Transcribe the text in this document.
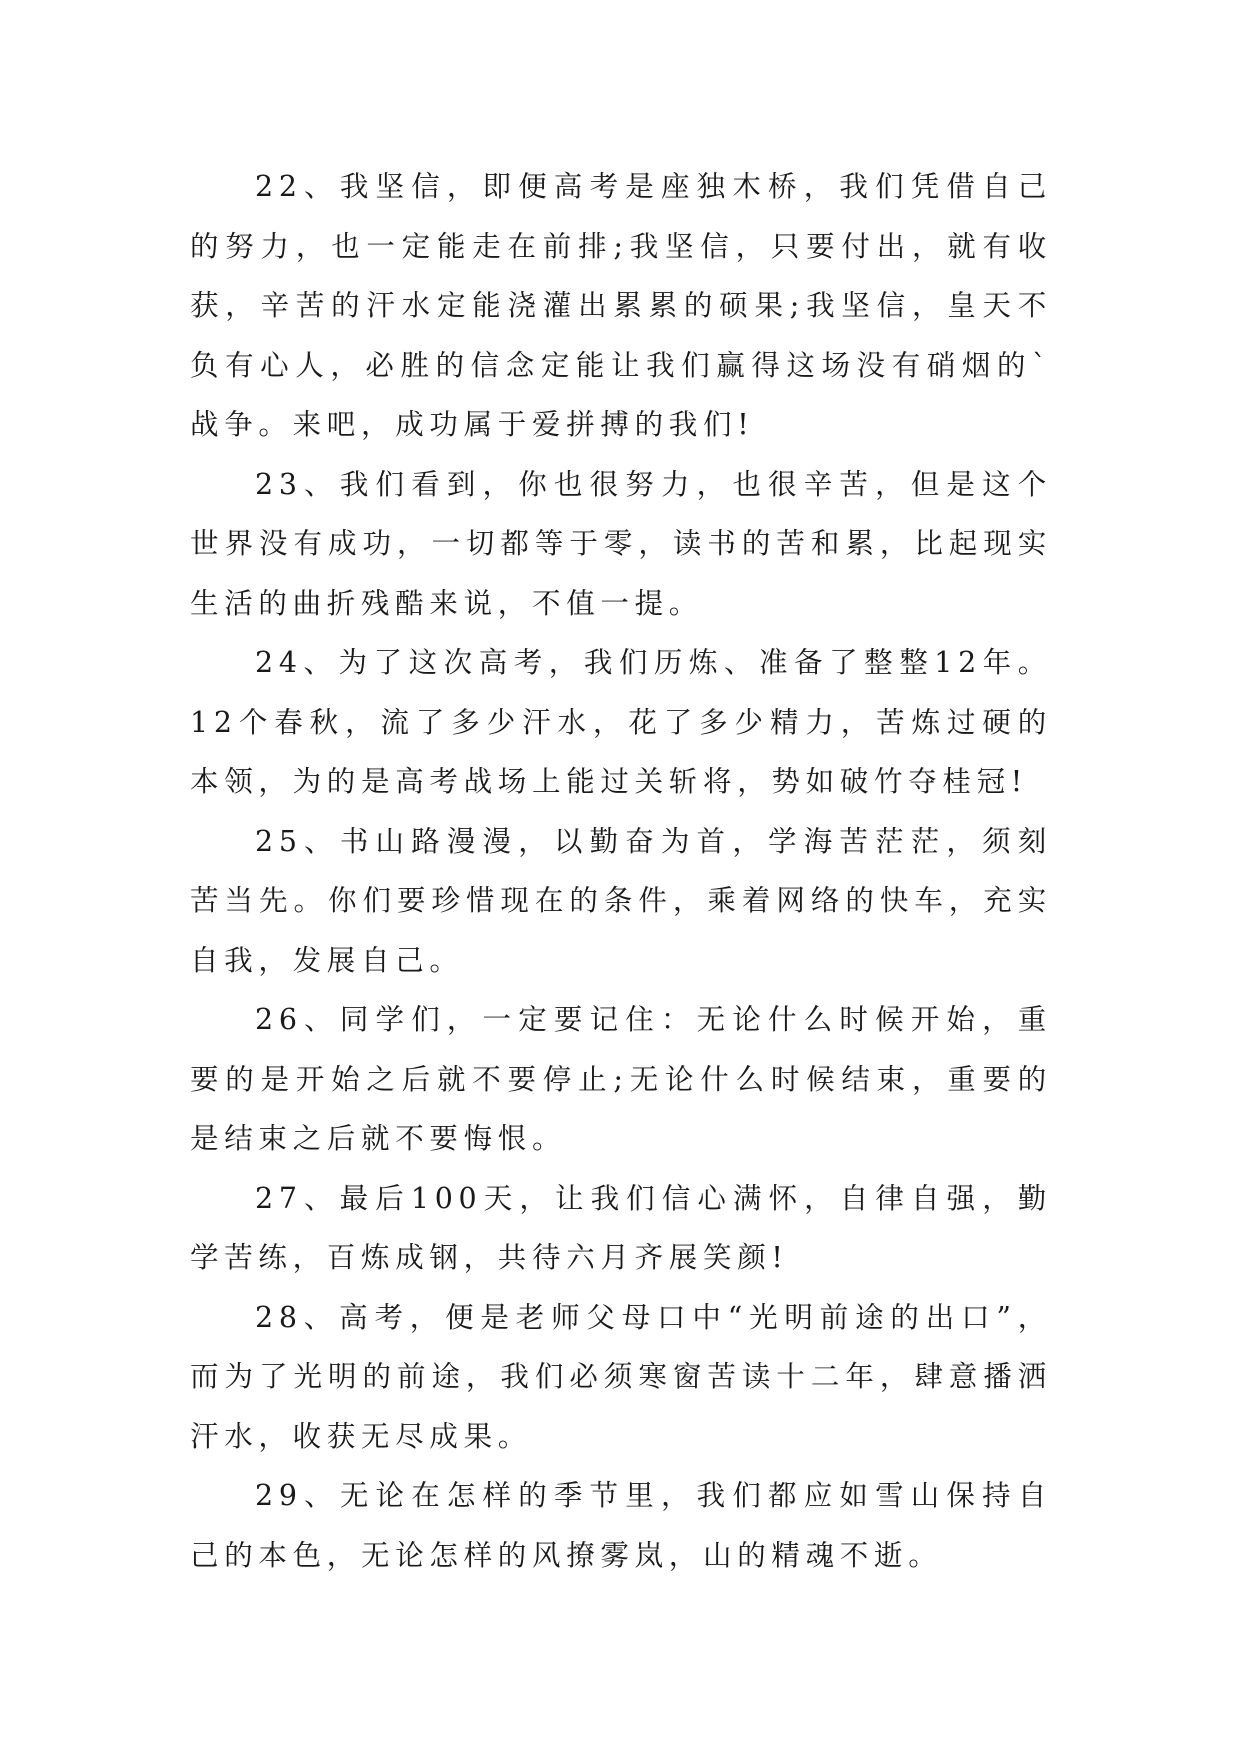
22、我坚信，即便高考是座独木桥，我们凭借自己的努力，也一定能走在前排;我坚信，只要付出，就有收获，辛苦的汗水定能浇灌出累累的硕果;我坚信，皇天不负有心人，必胜的信念定能让我们赢得这场没有硝烟的`战争。来吧，成功属于爱拼搏的我们!

23、我们看到，你也很努力，也很辛苦，但是这个世界没有成功，一切都等于零，读书的苦和累，比起现实生活的曲折残酷来说，不值一提。

24、为了这次高考，我们历炼、准备了整整12年。12个春秋，流了多少汗水，花了多少精力，苦炼过硬的本领，为的是高考战场上能过关斩将，势如破竹夺桂冠!

25、书山路漫漫，以勤奋为首，学海苦茫茫，须刻苦当先。你们要珍惜现在的条件，乘着网络的快车，充实自我，发展自己。

26、同学们，一定要记住：无论什么时候开始，重要的是开始之后就不要停止;无论什么时候结束，重要的是结束之后就不要悔恨。

27、最后100天，让我们信心满怀，自律自强，勤学苦练，百炼成钢，共待六月齐展笑颜!

28、高考，便是老师父母口中“光明前途的出口”，而为了光明的前途，我们必须寒窗苦读十二年，肆意播洒汗水，收获无尽成果。

29、无论在怎样的季节里，我们都应如雪山保持自己的本色，无论怎样的风撩雾岚，山的精魂不逝。
